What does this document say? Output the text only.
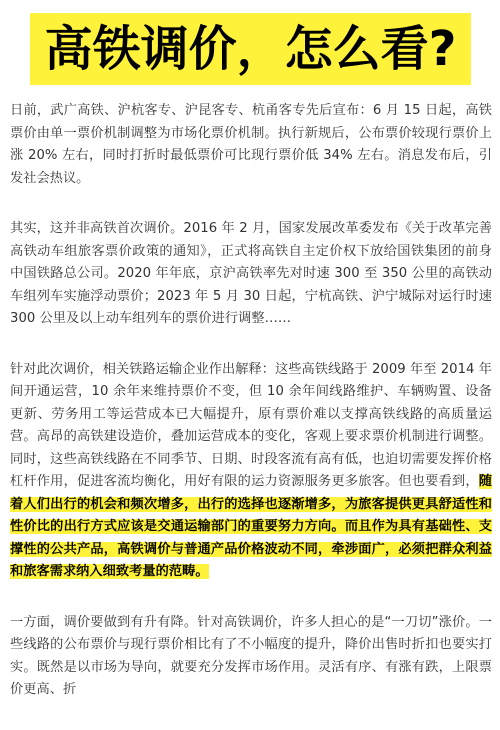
高铁调价，怎么看?

日前，武广高铁、沪杭客专、沪昆客专、杭甬客专先后宣布：6 月 15 日起，高铁票价由单一票价机制调整为市场化票价机制。执行新规后，公布票价较现行票价上涨 20% 左右，同时打折时最低票价可比现行票价低 34% 左右。消息发布后，引发社会热议。

其实，这并非高铁首次调价。2016 年 2 月，国家发展改革委发布《关于改革完善高铁动车组旅客票价政策的通知》，正式将高铁自主定价权下放给国铁集团的前身中国铁路总公司。2020 年年底，京沪高铁率先对时速 300 至 350 公里的高铁动车组列车实施浮动票价；2023 年 5 月 30 日起，宁杭高铁、沪宁城际对运行时速 300 公里及以上动车组列车的票价进行调整……

针对此次调价，相关铁路运输企业作出解释：这些高铁线路于 2009 年至 2014 年间开通运营，10 余年来维持票价不变，但 10 余年间线路维护、车辆购置、设备更新、劳务用工等运营成本已大幅提升，原有票价难以支撑高铁线路的高质量运营。高昂的高铁建设造价，叠加运营成本的变化，客观上要求票价机制进行调整。同时，这些高铁线路在不同季节、日期、时段客流有高有低，也迫切需要发挥价格杠杆作用，促进客流均衡化，用好有限的运力资源服务更多旅客。但也要看到，随着人们出行的机会和频次增多，出行的选择也逐渐增多，为旅客提供更具舒适性和性价比的出行方式应该是交通运输部门的重要努力方向。而且作为具有基础性、支撑性的公共产品，高铁调价与普通产品价格波动不同，牵涉面广，必须把群众利益和旅客需求纳入细致考量的范畴。

一方面，调价要做到有升有降。针对高铁调价，许多人担心的是“一刀切”涨价。一些线路的公布票价与现行票价相比有了不小幅度的提升，降价出售时折扣也要实打实。既然是以市场为导向，就要充分发挥市场作用。灵活有序、有涨有跌，上限票价更高、折
